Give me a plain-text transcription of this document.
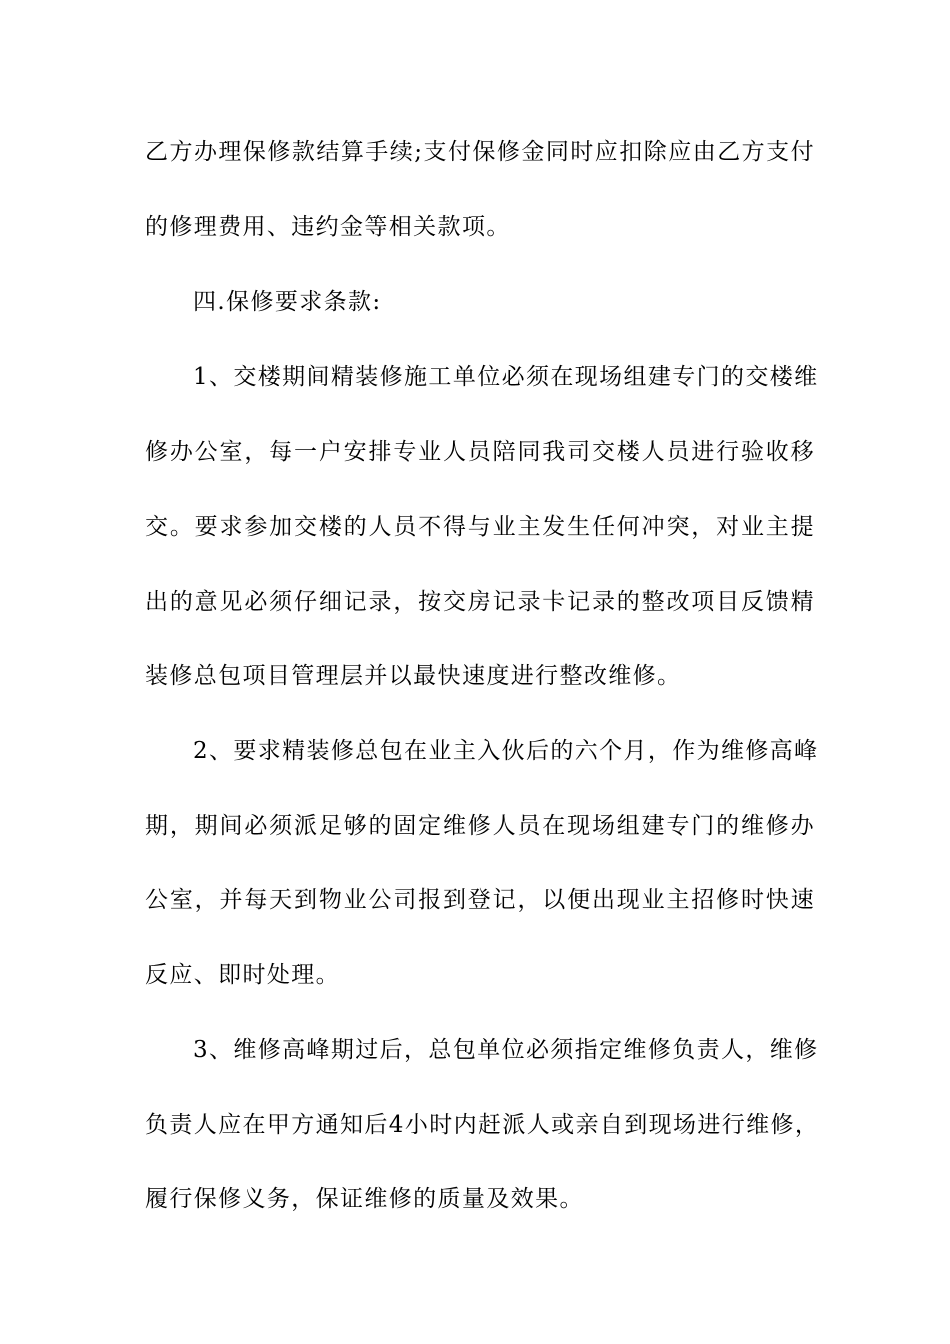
乙方办理保修款结算手续;支付保修金同时应扣除应由乙方支付
的修理费用、违约金等相关款项。
四.保修要求条款:
1、交楼期间精装修施工单位必须在现场组建专门的交楼维
修办公室，每一户安排专业人员陪同我司交楼人员进行验收移
交。要求参加交楼的人员不得与业主发生任何冲突，对业主提
出的意见必须仔细记录，按交房记录卡记录的整改项目反馈精
装修总包项目管理层并以最快速度进行整改维修。
2、要求精装修总包在业主入伙后的六个月，作为维修高峰
期，期间必须派足够的固定维修人员在现场组建专门的维修办
公室，并每天到物业公司报到登记，以便出现业主招修时快速
反应、即时处理。
3、维修高峰期过后，总包单位必须指定维修负责人，维修
负责人应在甲方通知后4小时内赶派人或亲自到现场进行维修，
履行保修义务，保证维修的质量及效果。
